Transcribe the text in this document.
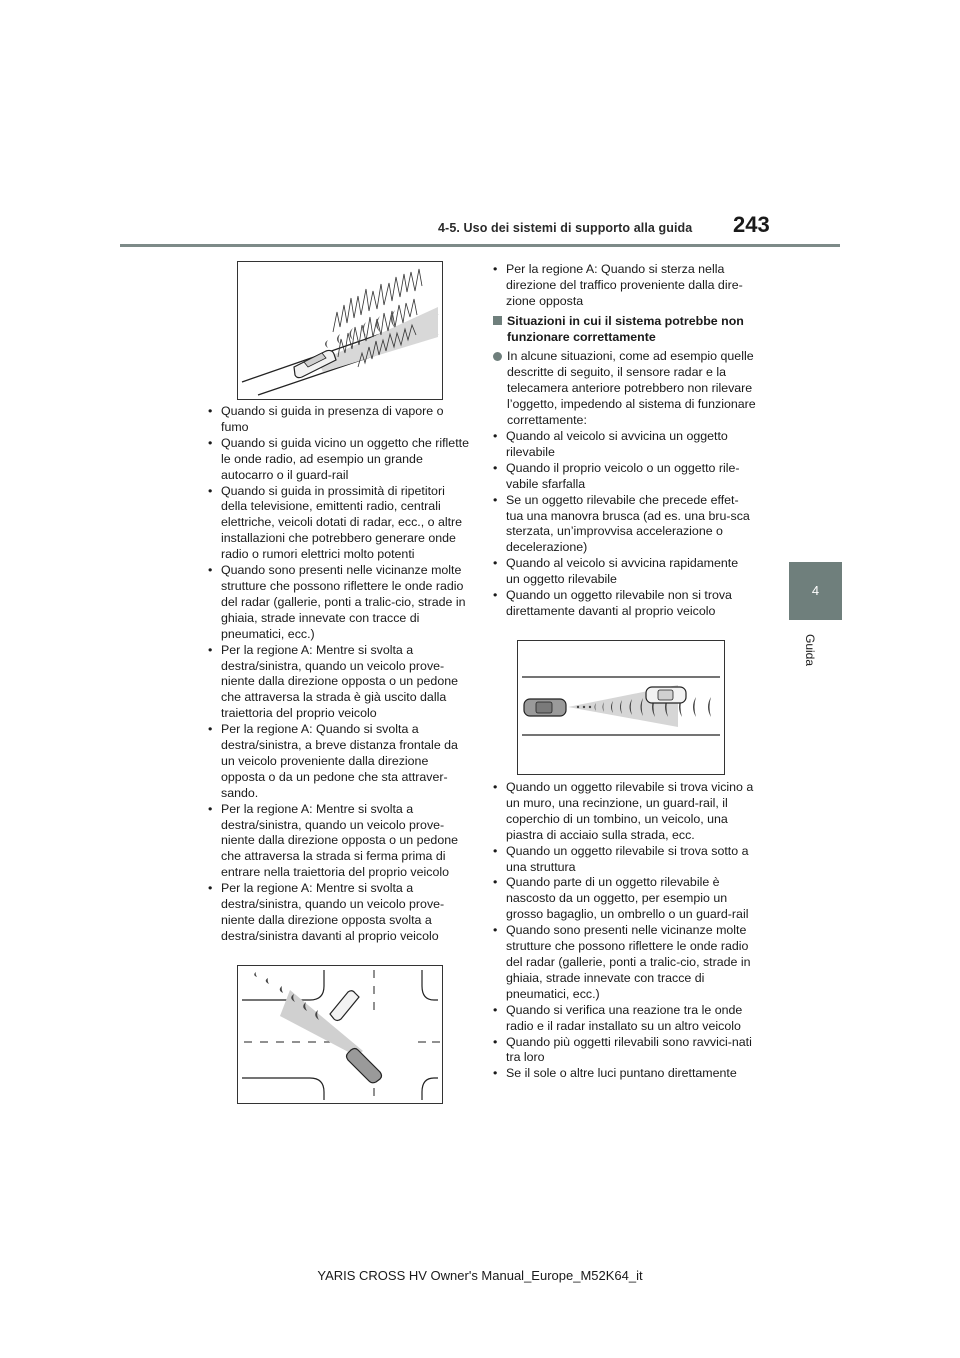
4-5. Uso dei sistemi di supporto alla guida 243
4
Guida
• Quando si guida in presenza di vapore o fumo
• Quando si guida vicino un oggetto che riflette le onde radio, ad esempio un grande autocarro o il guard-rail
• Quando si guida in prossimità di ripetitori della televisione, emittenti radio, centrali elettriche, veicoli dotati di radar, ecc., o altre installazioni che potrebbero generare onde radio o rumori elettrici molto potenti
• Quando sono presenti nelle vicinanze molte strutture che possono riflettere le onde radio del radar (gallerie, ponti a tralic-cio, strade in ghiaia, strade innevate con tracce di pneumatici, ecc.)
• Per la regione A: Mentre si svolta a destra/sinistra, quando un veicolo prove-niente dalla direzione opposta o un pedone che attraversa la strada è già uscito dalla traiettoria del proprio veicolo
• Per la regione A: Quando si svolta a destra/sinistra, a breve distanza frontale da un veicolo proveniente dalla direzione opposta o da un pedone che sta attraver-sando.
• Per la regione A: Mentre si svolta a destra/sinistra, quando un veicolo prove-niente dalla direzione opposta o un pedone che attraversa la strada si ferma prima di entrare nella traiettoria del proprio veicolo
• Per la regione A: Mentre si svolta a destra/sinistra, quando un veicolo prove-niente dalla direzione opposta svolta a destra/sinistra davanti al proprio veicolo
• Per la regione A: Quando si sterza nella direzione del traffico proveniente dalla dire-zione opposta
Situazioni in cui il sistema potrebbe non funzionare correttamente
In alcune situazioni, come ad esempio quelle descritte di seguito, il sensore radar e la telecamera anteriore potrebbero non rilevare l’oggetto, impedendo al sistema di funzionare correttamente:
• Quando al veicolo si avvicina un oggetto rilevabile
• Quando il proprio veicolo o un oggetto rile-vabile sfarfalla
• Se un oggetto rilevabile che precede effet-tua una manovra brusca (ad es. una bru-sca sterzata, un’improvvisa accelerazione o decelerazione)
• Quando al veicolo si avvicina rapidamente un oggetto rilevabile
• Quando un oggetto rilevabile non si trova direttamente davanti al proprio veicolo
• Quando un oggetto rilevabile si trova vicino a un muro, una recinzione, un guard-rail, il coperchio di un tombino, un veicolo, una piastra di acciaio sulla strada, ecc.
• Quando un oggetto rilevabile si trova sotto a una struttura
• Quando parte di un oggetto rilevabile è nascosto da un oggetto, per esempio un grosso bagaglio, un ombrello o un guard-rail
• Quando sono presenti nelle vicinanze molte strutture che possono riflettere le onde radio del radar (gallerie, ponti a tralic-cio, strade in ghiaia, strade innevate con tracce di pneumatici, ecc.)
• Quando si verifica una reazione tra le onde radio e il radar installato su un altro veicolo
• Quando più oggetti rilevabili sono ravvici-nati tra loro
• Se il sole o altre luci puntano direttamente
YARIS CROSS HV Owner's Manual_Europe_M52K64_it
